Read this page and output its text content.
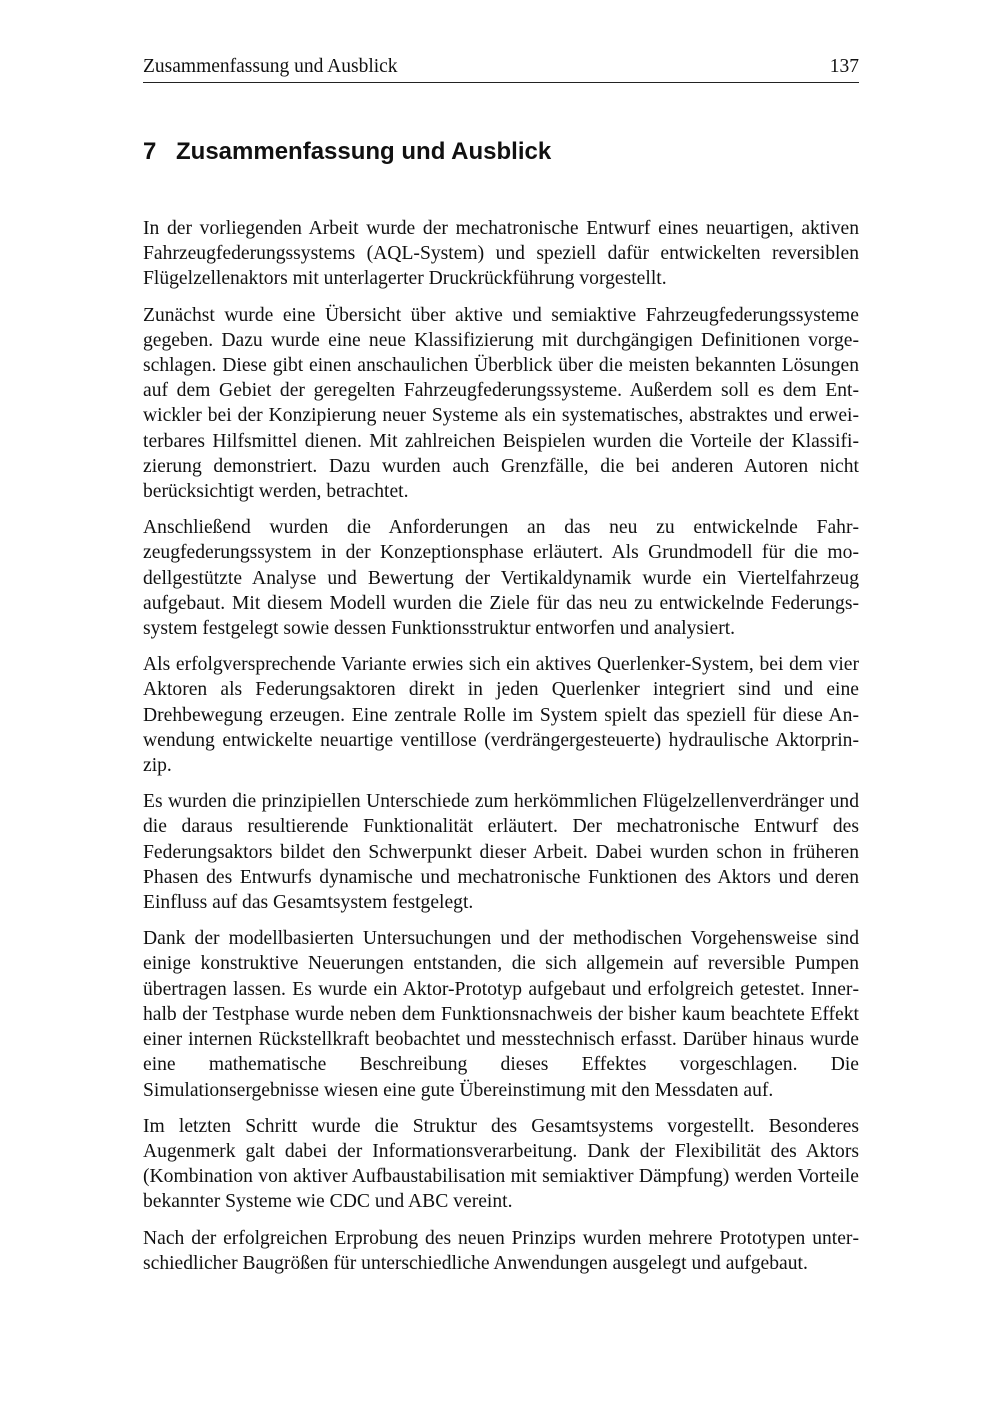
Zusammenfassung und Ausblick	137
7 Zusammenfassung und Ausblick

In der vorliegenden Arbeit wurde der mechatronische Entwurf eines neuartigen, aktiven Fahrzeugfederungssystems (AQL-System) und speziell dafür entwickelten reversiblen Flügelzellenaktors mit unterlagerter Druckrückführung vorgestellt.

Zunächst wurde eine Übersicht über aktive und semiaktive Fahrzeugfederungssysteme gegeben. Dazu wurde eine neue Klassifizierung mit durchgängigen Definitionen vorgeschlagen. Diese gibt einen anschaulichen Überblick über die meisten bekannten Lösungen auf dem Gebiet der geregelten Fahrzeugfederungssysteme. Außerdem soll es dem Entwickler bei der Konzipierung neuer Systeme als ein systematisches, abstraktes und erweiterbares Hilfsmittel dienen. Mit zahlreichen Beispielen wurden die Vorteile der Klassifizierung demonstriert. Dazu wurden auch Grenzfälle, die bei anderen Autoren nicht berücksichtigt werden, betrachtet.

Anschließend wurden die Anforderungen an das neu zu entwickelnde Fahrzeugfederungssystem in der Konzeptionsphase erläutert. Als Grundmodell für die modellgestützte Analyse und Bewertung der Vertikaldynamik wurde ein Viertelfahrzeug aufgebaut. Mit diesem Modell wurden die Ziele für das neu zu entwickelnde Federungssystem festgelegt sowie dessen Funktionsstruktur entworfen und analysiert.

Als erfolgversprechende Variante erwies sich ein aktives Querlenker-System, bei dem vier Aktoren als Federungsaktoren direkt in jeden Querlenker integriert sind und eine Drehbewegung erzeugen. Eine zentrale Rolle im System spielt das speziell für diese Anwendung entwickelte neuartige ventillose (verdrängergesteuerte) hydraulische Aktorprinzip.

Es wurden die prinzipiellen Unterschiede zum herkömmlichen Flügelzellenverdränger und die daraus resultierende Funktionalität erläutert. Der mechatronische Entwurf des Federungsaktors bildet den Schwerpunkt dieser Arbeit. Dabei wurden schon in früheren Phasen des Entwurfs dynamische und mechatronische Funktionen des Aktors und deren Einfluss auf das Gesamtsystem festgelegt.

Dank der modellbasierten Untersuchungen und der methodischen Vorgehensweise sind einige konstruktive Neuerungen entstanden, die sich allgemein auf reversible Pumpen übertragen lassen. Es wurde ein Aktor-Prototyp aufgebaut und erfolgreich getestet. Innerhalb der Testphase wurde neben dem Funktionsnachweis der bisher kaum beachtete Effekt einer internen Rückstellkraft beobachtet und messtechnisch erfasst. Darüber hinaus wurde eine mathematische Beschreibung dieses Effektes vorgeschlagen. Die Simulationsergebnisse wiesen eine gute Übereinstimung mit den Messdaten auf.

Im letzten Schritt wurde die Struktur des Gesamtsystems vorgestellt. Besonderes Augenmerk galt dabei der Informationsverarbeitung. Dank der Flexibilität des Aktors (Kombination von aktiver Aufbaustabilisation mit semiaktiver Dämpfung) werden Vorteile bekannter Systeme wie CDC und ABC vereint.

Nach der erfolgreichen Erprobung des neuen Prinzips wurden mehrere Prototypen unterschiedlicher Baugrößen für unterschiedliche Anwendungen ausgelegt und aufgebaut.
